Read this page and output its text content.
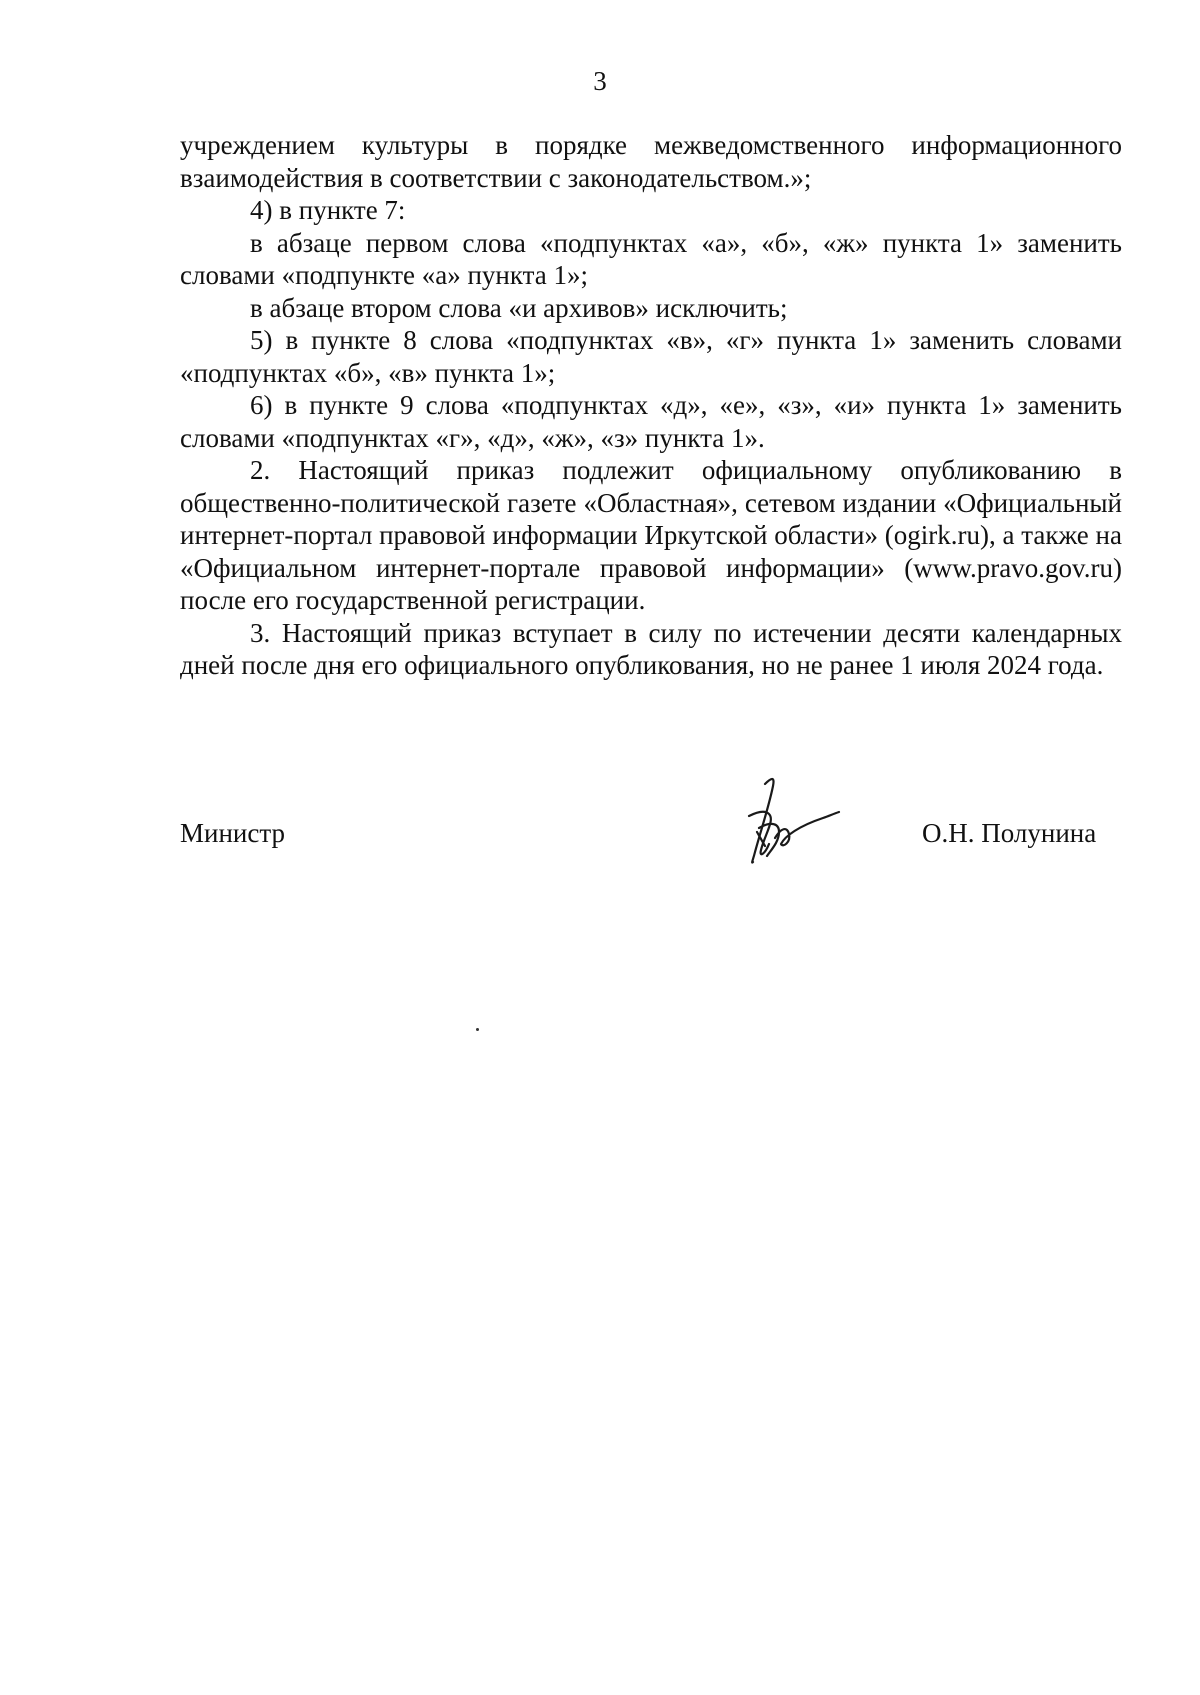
3

учреждением культуры в порядке межведомственного информационного взаимодействия в соответствии с законодательством.»;

4) в пункте 7:

в абзаце первом слова «подпунктах «а», «б», «ж» пункта 1» заменить словами «подпункте «а» пункта 1»;

в абзаце втором слова «и архивов» исключить;

5) в пункте 8 слова «подпунктах «в», «г» пункта 1» заменить словами «подпунктах «б», «в» пункта 1»;

6) в пункте 9 слова «подпунктах «д», «е», «з», «и» пункта 1» заменить словами «подпунктах «г», «д», «ж», «з» пункта 1».

2. Настоящий приказ подлежит официальному опубликованию в общественно-политической газете «Областная», сетевом издании «Официальный интернет-портал правовой информации Иркутской области» (ogirk.ru), а также на «Официальном интернет-портале правовой информации» (www.pravo.gov.ru) после его государственной регистрации.

3. Настоящий приказ вступает в силу по истечении десяти календарных дней после дня его официального опубликования, но не ранее 1 июля 2024 года.

Министр	О.Н. Полунина
